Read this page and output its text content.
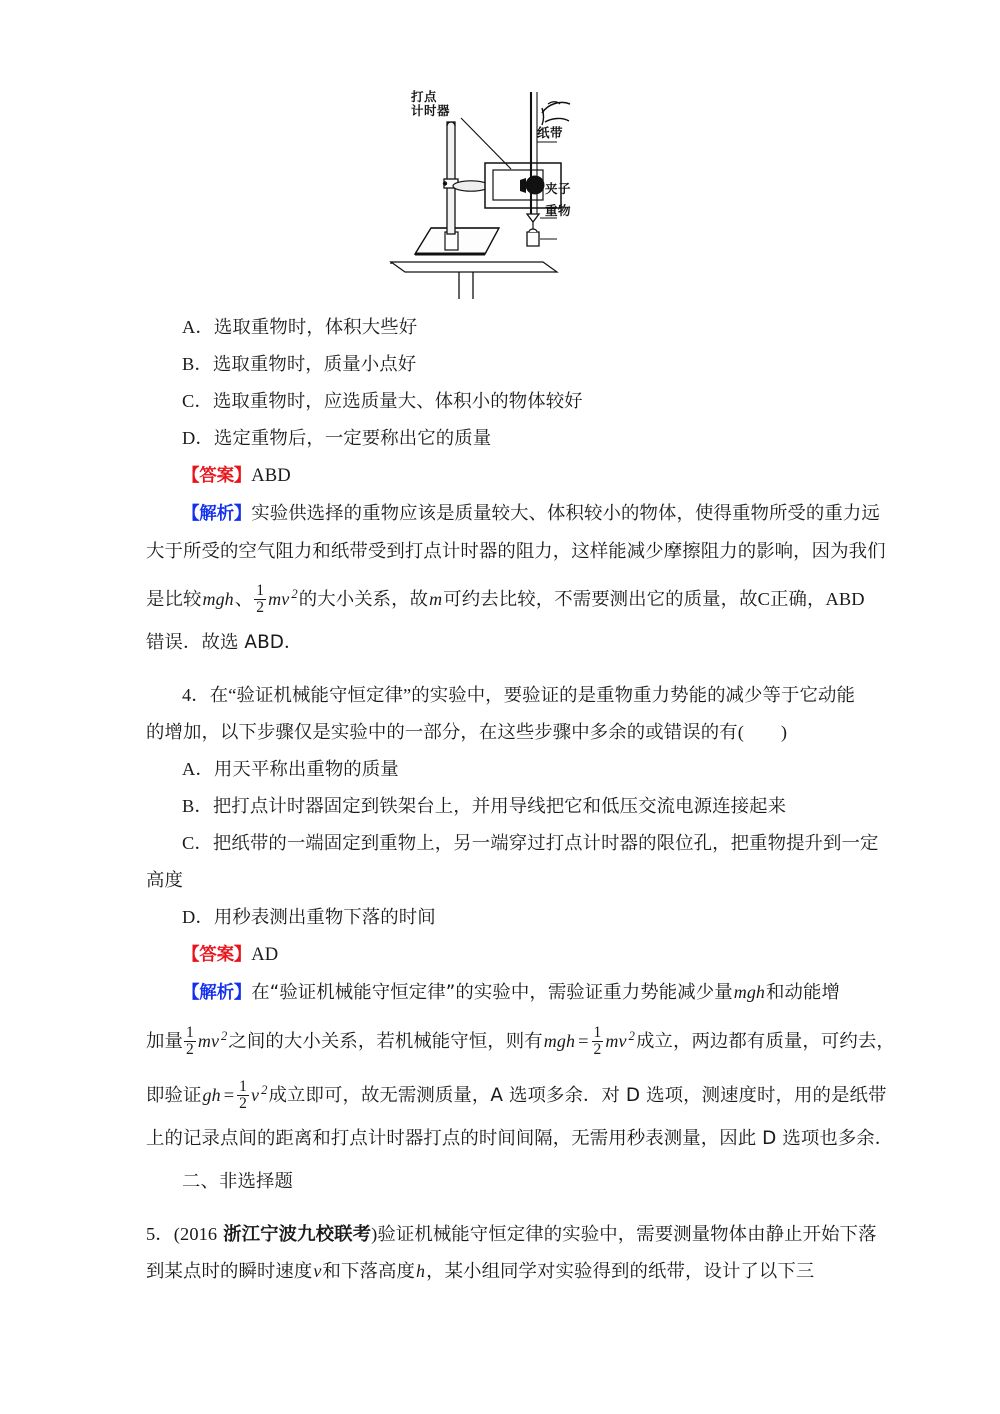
打点
计时器
纸带
夹子
重物

A．选取重物时，体积大些好

B．选取重物时，质量小点好

C．选取重物时，应选质量大、体积小的物体较好

D．选定重物后，一定要称出它的质量

【答案】ABD

【解析】实验供选择的重物应该是质量较大、体积较小的物体，使得重物所受的重力远

大于所受的空气阻力和纸带受到打点计时器的阻力，这样能减少摩擦阻力的影响，因为我们

是比较mgh、 $\frac{1}{2}$ mv $^2$的大小关系，故m可约去比较，不需要测出它的质量，故C正确，ABD

错误．故选 ABD．

4．在“验证机械能守恒定律”的实验中，要验证的是重物重力势能的减少等于它动能

的增加，以下步骤仅是实验中的一部分，在这些步骤中多余的或错误的有(　　)

A．用天平称出重物的质量

B．把打点计时器固定到铁架台上，并用导线把它和低压交流电源连接起来

C．把纸带的一端固定到重物上，另一端穿过打点计时器的限位孔，把重物提升到一定

高度

D．用秒表测出重物下落的时间

【答案】AD

【解析】在“验证机械能守恒定律”的实验中，需验证重力势能减少量mgh和动能增

加量 $\frac{1}{2}$ mv $^2$之间的大小关系，若机械能守恒，则有mgh = $\frac{1}{2}$ mv $^2$成立，两边都有质量，可约去，

即验证gh = $\frac{1}{2}$ v $^2$成立即可，故无需测质量，A 选项多余．对 D 选项，测速度时，用的是纸带

上的记录点间的距离和打点计时器打点的时间间隔，无需用秒表测量，因此 D 选项也多余．

二、非选择题

5．(2016 浙江宁波九校联考)验证机械能守恒定律的实验中，需要测量物体由静止开始下落

到某点时的瞬时速度v和下落高度h，某小组同学对实验得到的纸带，设计了以下三
